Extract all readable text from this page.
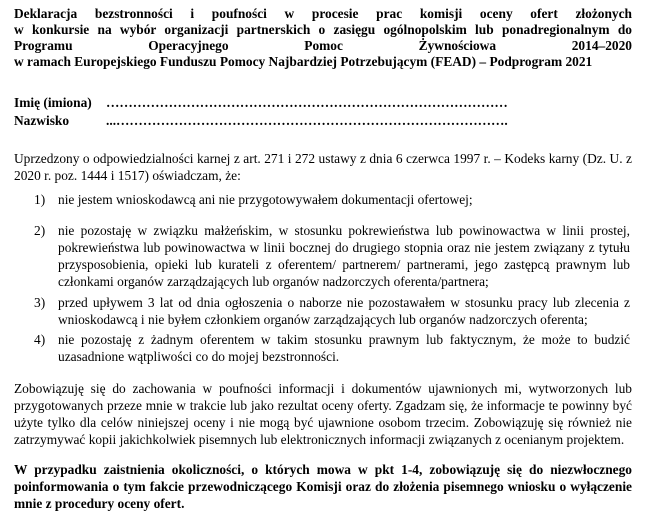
Deklaracja bezstronności i poufności w procesie prac komisji oceny ofert złożonych
w konkursie na wybór organizacji partnerskich o zasięgu ogólnopolskim lub ponadregionalnym do
Programu Operacyjnego Pomoc Żywnościowa 2014–2020
w ramach Europejskiego Funduszu Pomocy Najbardziej Potrzebującym (FEAD) – Podprogram 2021
Imię (imiona) ………………………………………………………………………………
Nazwisko	...…………………………………………………………………………….
Uprzedzony o odpowiedzialności karnej z art. 271 i 272 ustawy z dnia 6 czerwca 1997 r. – Kodeks karny (Dz. U. z 2020 r. poz. 1444 i 1517) oświadczam, że:
1) nie jestem wnioskodawcą ani nie przygotowywałem dokumentacji ofertowej;
2) nie pozostaję w związku małżeńskim, w stosunku pokrewieństwa lub powinowactwa w linii prostej, pokrewieństwa lub powinowactwa w linii bocznej do drugiego stopnia oraz nie jestem związany z tytułu przysposobienia, opieki lub kurateli z oferentem/ partnerem/ partnerami, jego zastępcą prawnym lub członkami organów zarządzających lub organów nadzorczych oferenta/partnera;
3) przed upływem 3 lat od dnia ogłoszenia o naborze nie pozostawałem w stosunku pracy lub zlecenia z wnioskodawcą i nie byłem członkiem organów zarządzających lub organów nadzorczych oferenta;
4) nie pozostaję z żadnym oferentem w takim stosunku prawnym lub faktycznym, że może to budzić uzasadnione wątpliwości co do mojej bezstronności.
Zobowiązuję się do zachowania w poufności informacji i dokumentów ujawnionych mi, wytworzonych lub przygotowanych przeze mnie w trakcie lub jako rezultat oceny oferty. Zgadzam się, że informacje te powinny być użyte tylko dla celów niniejszej oceny i nie mogą być ujawnione osobom trzecim. Zobowiązuję się również nie zatrzymywać kopii jakichkolwiek pisemnych lub elektronicznych informacji związanych z ocenianym projektem.
W przypadku zaistnienia okoliczności, o których mowa w pkt 1-4, zobowiązuję się do niezwłocznego poinformowania o tym fakcie przewodniczącego Komisji oraz do złożenia pisemnego wniosku o wyłączenie mnie z procedury oceny ofert.
